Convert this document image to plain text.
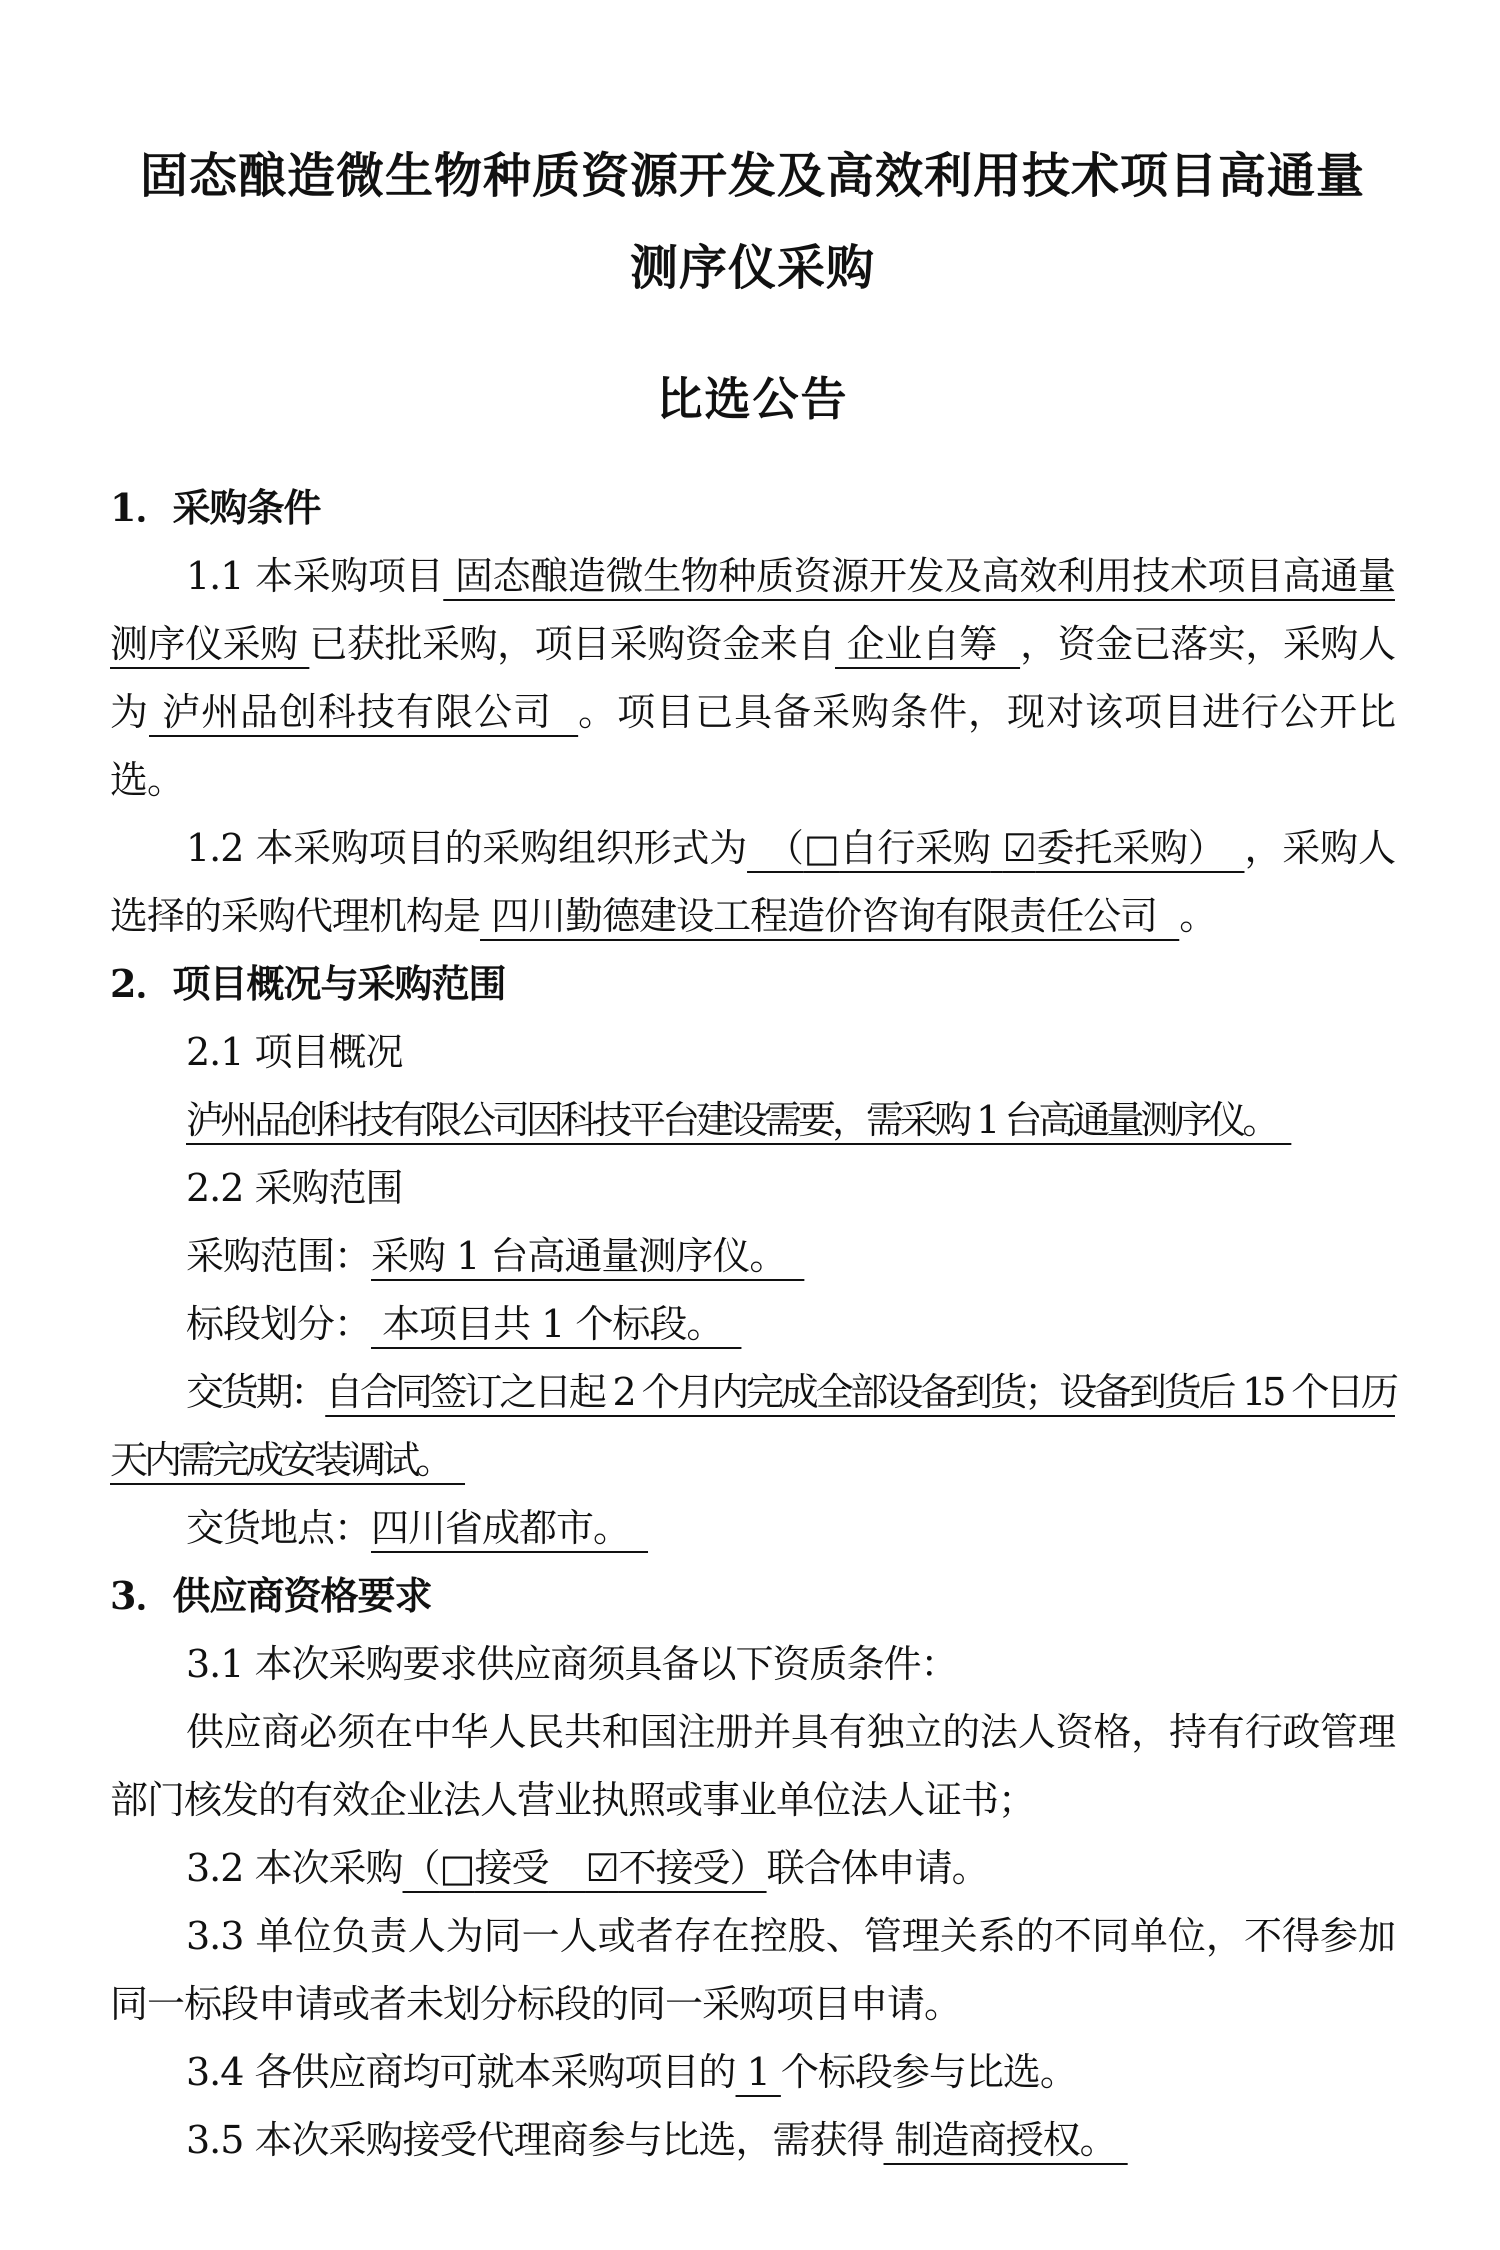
固态酿造微生物种质资源开发及高效利用技术项目高通量
测序仪采购
比选公告
1．采购条件

1.1 本采购项目 固态酿造微生物种质资源开发及高效利用技术项目高通量测序仪采购 已获批采购，项目采购资金来自 企业自筹  ，资金已落实，采购人为 泸州品创科技有限公司  。项目已具备采购条件，现对该项目进行公开比选。

1.2 本采购项目的采购组织形式为　（□自行采购 ☑委托采购）　，采购人选择的采购代理机构是 四川勤德建设工程造价咨询有限责任公司  。

2．项目概况与采购范围

2.1 项目概况

泸州品创科技有限公司因科技平台建设需要，需采购 1 台高通量测序仪。　

2.2 采购范围

采购范围：采购 1 台高通量测序仪。　

标段划分： 本项目共 1 个标段。　

交货期：自合同签订之日起 2 个月内完成全部设备到货；设备到货后 15 个日历天内需完成安装调试。　

交货地点：四川省成都市。　

3．供应商资格要求

3.1 本次采购要求供应商须具备以下资质条件：

供应商必须在中华人民共和国注册并具有独立的法人资格，持有行政管理部门核发的有效企业法人营业执照或事业单位法人证书；

3.2 本次采购（□接受　 ☑不接受）联合体申请。

3.3 单位负责人为同一人或者存在控股、管理关系的不同单位，不得参加同一标段申请或者未划分标段的同一采购项目申请。

3.4 各供应商均可就本采购项目的 1 个标段参与比选。

3.5 本次采购接受代理商参与比选，需获得 制造商授权。
